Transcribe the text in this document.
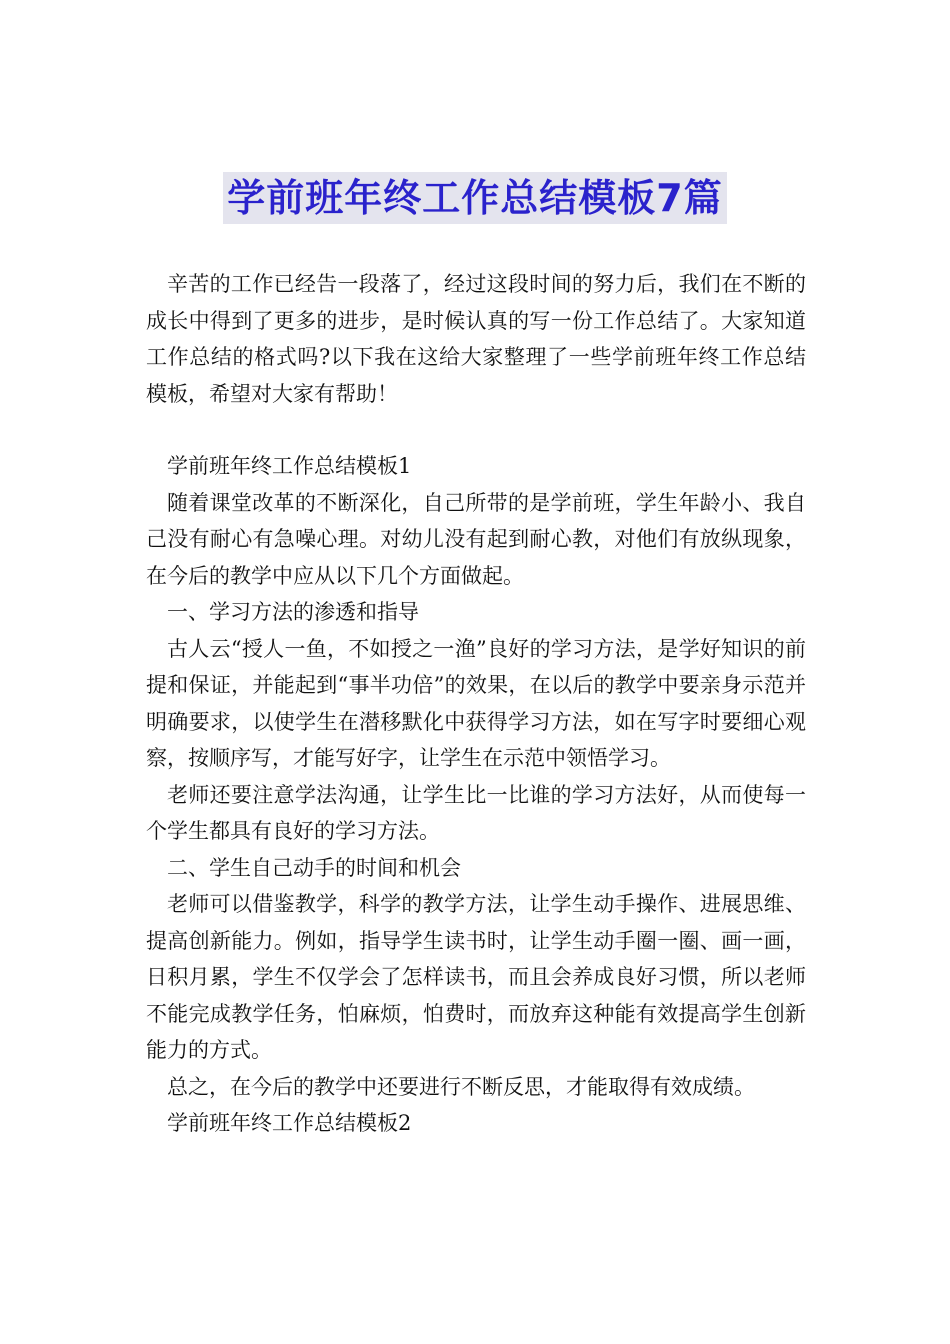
学前班年终工作总结模板7篇

辛苦的工作已经告一段落了，经过这段时间的努力后，我们在不断的成长中得到了更多的进步，是时候认真的写一份工作总结了。大家知道工作总结的格式吗?以下我在这给大家整理了一些学前班年终工作总结模板，希望对大家有帮助！

学前班年终工作总结模板1

随着课堂改革的不断深化，自己所带的是学前班，学生年龄小、我自己没有耐心有急噪心理。对幼儿没有起到耐心教，对他们有放纵现象，在今后的教学中应从以下几个方面做起。

一、学习方法的渗透和指导

古人云“授人一鱼，不如授之一渔”良好的学习方法，是学好知识的前提和保证，并能起到“事半功倍”的效果，在以后的教学中要亲身示范并明确要求，以使学生在潜移默化中获得学习方法，如在写字时要细心观察，按顺序写，才能写好字，让学生在示范中领悟学习。

老师还要注意学法沟通，让学生比一比谁的学习方法好，从而使每一个学生都具有良好的学习方法。

二、学生自己动手的时间和机会

老师可以借鉴教学，科学的教学方法，让学生动手操作、进展思维、提高创新能力。例如，指导学生读书时，让学生动手圈一圈、画一画，日积月累，学生不仅学会了怎样读书，而且会养成良好习惯，所以老师不能完成教学任务，怕麻烦，怕费时，而放弃这种能有效提高学生创新能力的方式。

总之，在今后的教学中还要进行不断反思，才能取得有效成绩。

学前班年终工作总结模板2
